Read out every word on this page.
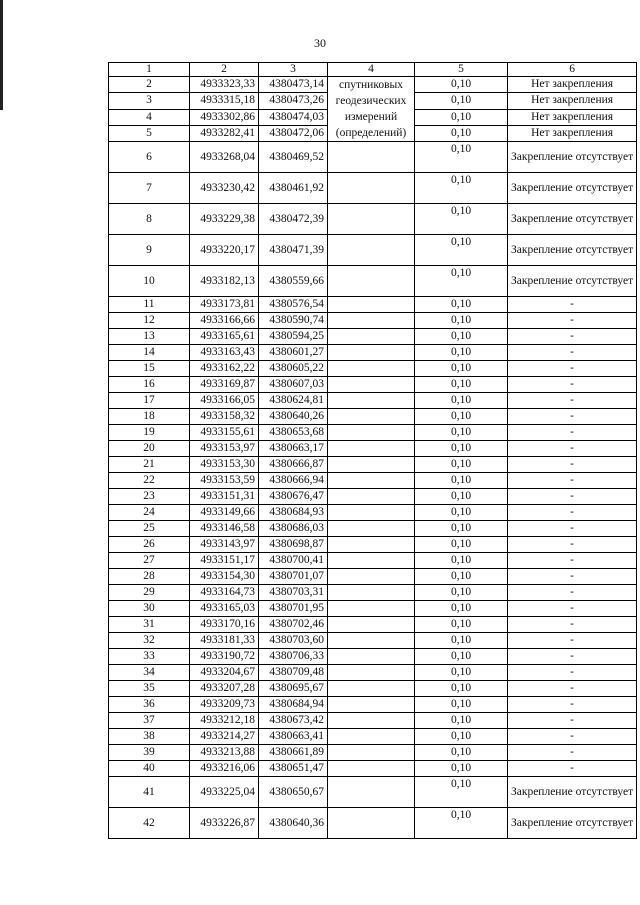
30
1	2	3	4	5	6
2	4933323,33	4380473,14	спутниковых
геодезических
измерений
(определений)	0,10	Нет закрепления
3	4933315,18	4380473,26		0,10	Нет закрепления
4	4933302,86	4380474,03		0,10	Нет закрепления
5	4933282,41	4380472,06		0,10	Нет закрепления
6	4933268,04	4380469,52		0,10	Закрепление отсутствует
7	4933230,42	4380461,92		0,10	Закрепление отсутствует
8	4933229,38	4380472,39		0,10	Закрепление отсутствует
9	4933220,17	4380471,39		0,10	Закрепление отсутствует
10	4933182,13	4380559,66		0,10	Закрепление отсутствует
11	4933173,81	4380576,54		0,10	-
12	4933166,66	4380590,74		0,10	-
13	4933165,61	4380594,25		0,10	-
14	4933163,43	4380601,27		0,10	-
15	4933162,22	4380605,22		0,10	-
16	4933169,87	4380607,03		0,10	-
17	4933166,05	4380624,81		0,10	-
18	4933158,32	4380640,26		0,10	-
19	4933155,61	4380653,68		0,10	-
20	4933153,97	4380663,17		0,10	-
21	4933153,30	4380666,87		0,10	-
22	4933153,59	4380666,94		0,10	-
23	4933151,31	4380676,47		0,10	-
24	4933149,66	4380684,93		0,10	-
25	4933146,58	4380686,03		0,10	-
26	4933143,97	4380698,87		0,10	-
27	4933151,17	4380700,41		0,10	-
28	4933154,30	4380701,07		0,10	-
29	4933164,73	4380703,31		0,10	-
30	4933165,03	4380701,95		0,10	-
31	4933170,16	4380702,46		0,10	-
32	4933181,33	4380703,60		0,10	-
33	4933190,72	4380706,33		0,10	-
34	4933204,67	4380709,48		0,10	-
35	4933207,28	4380695,67		0,10	-
36	4933209,73	4380684,94		0,10	-
37	4933212,18	4380673,42		0,10	-
38	4933214,27	4380663,41		0,10	-
39	4933213,88	4380661,89		0,10	-
40	4933216,06	4380651,47		0,10	-
41	4933225,04	4380650,67		0,10	Закрепление отсутствует
42	4933226,87	4380640,36		0,10	Закрепление отсутствует
